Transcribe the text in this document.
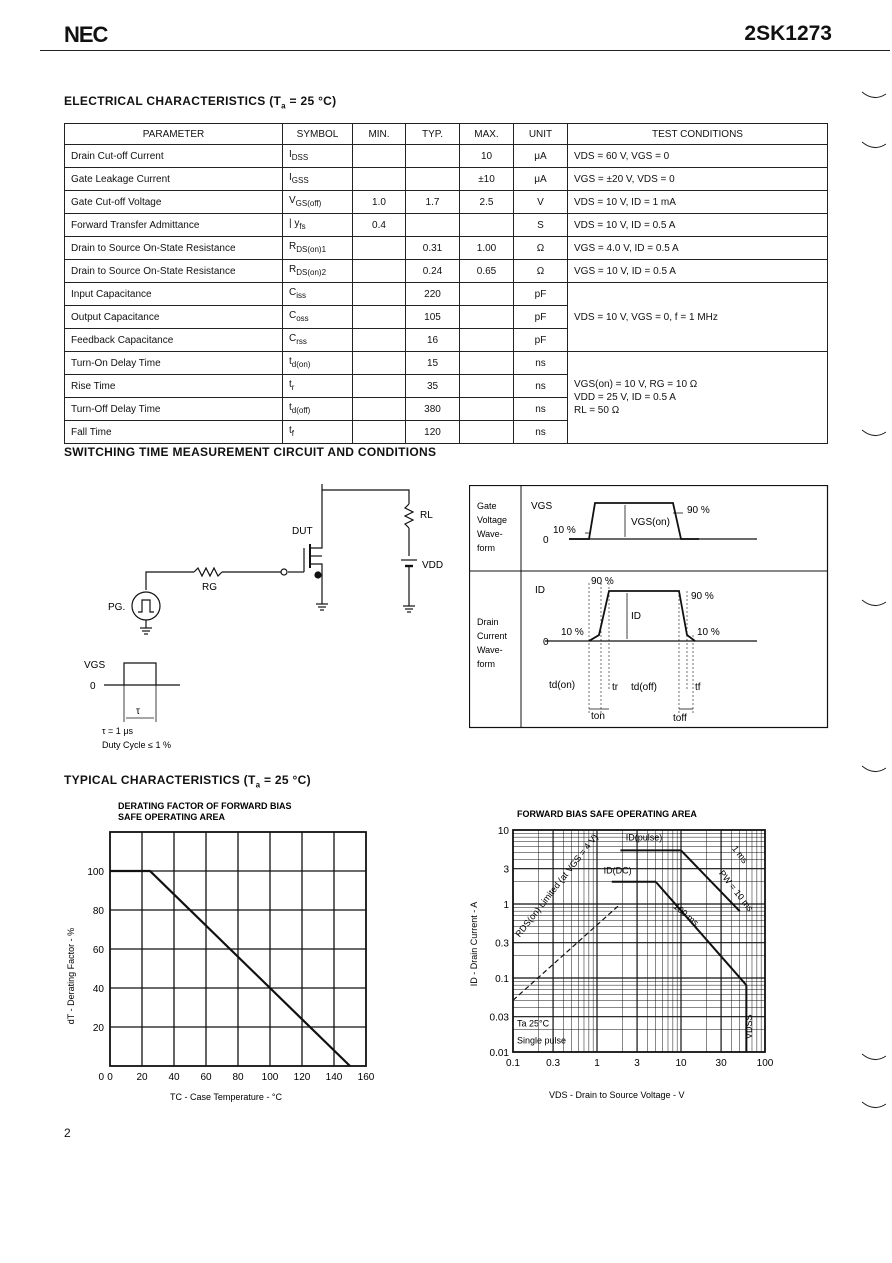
NEC	2SK1273
ELECTRICAL CHARACTERISTICS ($T_a = 25$ °C)
PARAMETER	SYMBOL	MIN.	TYP.	MAX.	UNIT	TEST CONDITIONS
Drain Cut-off Current	$I_{DSS}$			10	μA	VDS = 60 V, VGS = 0
Gate Leakage Current	$I_{GSS}$			±10	μA	VGS = ±20 V, VDS = 0
Gate Cut-off Voltage	$V_{GS(off)}$	1.0	1.7	2.5	V	VDS = 10 V, ID = 1 mA
Forward Transfer Admittance	| $y_{fs}$	0.4			S	VDS = 10 V, ID = 0.5 A
Drain to Source On-State Resistance	$R_{DS(on)1}$		0.31	1.00	Ω	VGS = 4.0 V, ID = 0.5 A
Drain to Source On-State Resistance	$R_{DS(on)2}$		0.24	0.65	Ω	VGS = 10 V, ID = 0.5 A
Input Capacitance	$C_{iss}$		220		pF	VDS = 10 V, VGS = 0, f = 1 MHz
Output Capacitance	$C_{oss}$		105		pF	
Feedback Capacitance	$C_{rss}$		16		pF	
Turn-On Delay Time	$t_{d(on)}$		15		ns	VGS(on) = 10 V, RG = 10 Ω
VDD = 25 V, ID = 0.5 A
RL = 50 Ω

Rise Time	$t_r$		35		ns	
Turn-Off Delay Time	$t_{d(off)}$		380		ns	
Fall Time	$t_f$		120		ns	
SWITCHING TIME MEASUREMENT CIRCUIT AND CONDITIONS
DUT
RL
VDD
RG
PG.
VGS
0
τ
τ = 1 μs
Duty Cycle ≤ 1 %
Gate
Voltage
Wave-
form
Drain
Current
Wave-
form
VGS
VGS(on)
10 %
90 %
0
ID
ID
90 %
90 %
10 %	10 %
0
td(on)	tr td(off)	tf
ton	toff
TYPICAL CHARACTERISTICS ($T_a = 25$ °C)
DERATING FACTOR OF FORWARD BIAS
SAFE OPERATING AREA
0 20 40 60 80 100 120 140 160
20
40
60
80
100
0
TC - Case Temperature - °C
dT - Derating Factor - %
FORWARD BIAS SAFE OPERATING AREA
0.1	0.3	1	3	10	30	100
0.01
0.03
0.1
0.3
1
3
10
ID(pulse)
ID(DC)
RDS(on) Limited (at VGS = 4 V)	PW = 10 ms
1 ms
100 ms
Ta 25°C
Single pulse
VDSS
VDS - Drain to Source Voltage - V
ID - Drain Current - A
2
